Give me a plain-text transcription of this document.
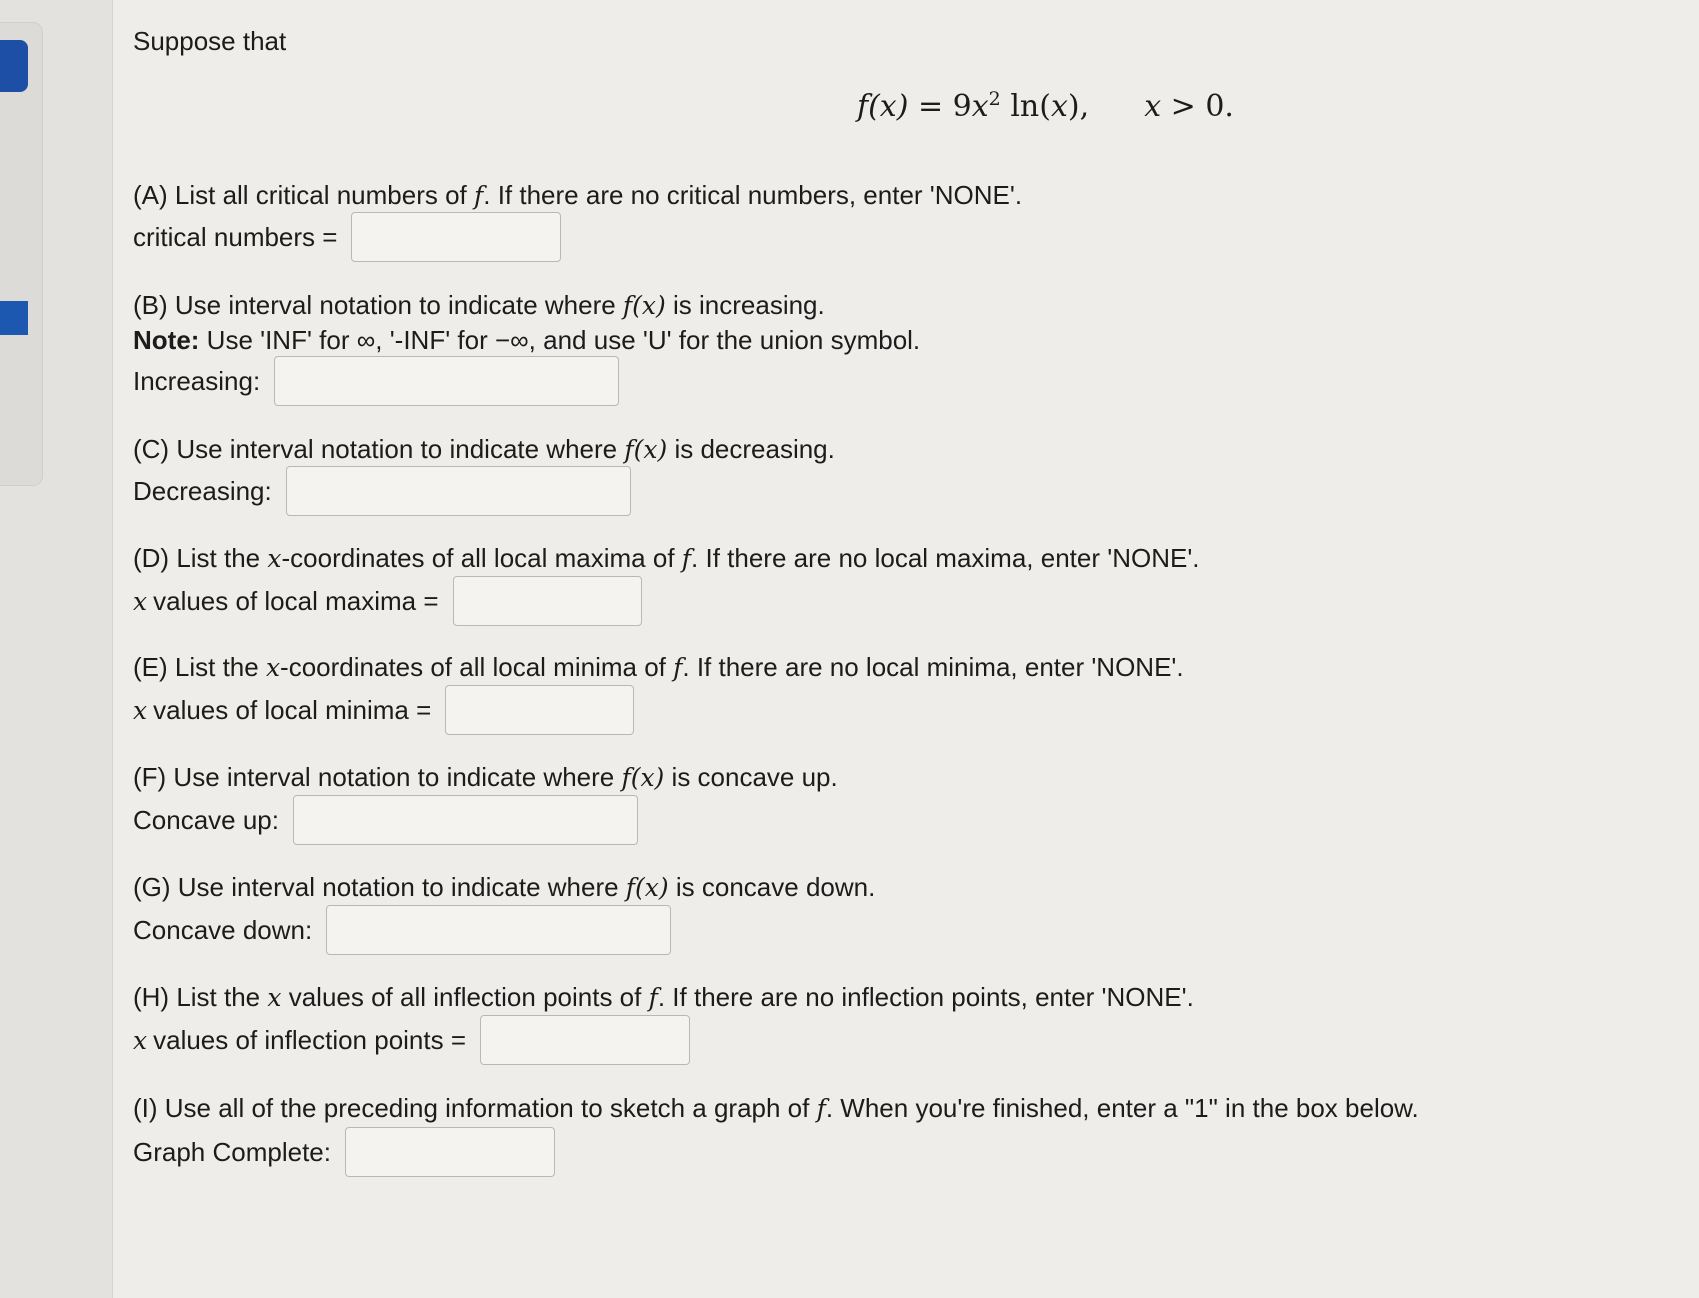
Suppose that
$f(x) = 9x^2$ ln(x), x > 0.
(A) List all critical numbers of f. If there are no critical numbers, enter 'NONE'.
critical numbers =
(B) Use interval notation to indicate where f(x) is increasing.
Note: Use 'INF' for ∞, '-INF' for −∞, and use 'U' for the union symbol.
Increasing:
(C) Use interval notation to indicate where f(x) is decreasing.
Decreasing:
(D) List the x-coordinates of all local maxima of f. If there are no local maxima, enter 'NONE'.
x values of local maxima =
(E) List the x-coordinates of all local minima of f. If there are no local minima, enter 'NONE'.
x values of local minima =
(F) Use interval notation to indicate where f(x) is concave up.
Concave up:
(G) Use interval notation to indicate where f(x) is concave down.
Concave down:
(H) List the x values of all inflection points of f. If there are no inflection points, enter 'NONE'.
x values of inflection points =
(I) Use all of the preceding information to sketch a graph of f. When you're finished, enter a "1" in the box below.
Graph Complete:
